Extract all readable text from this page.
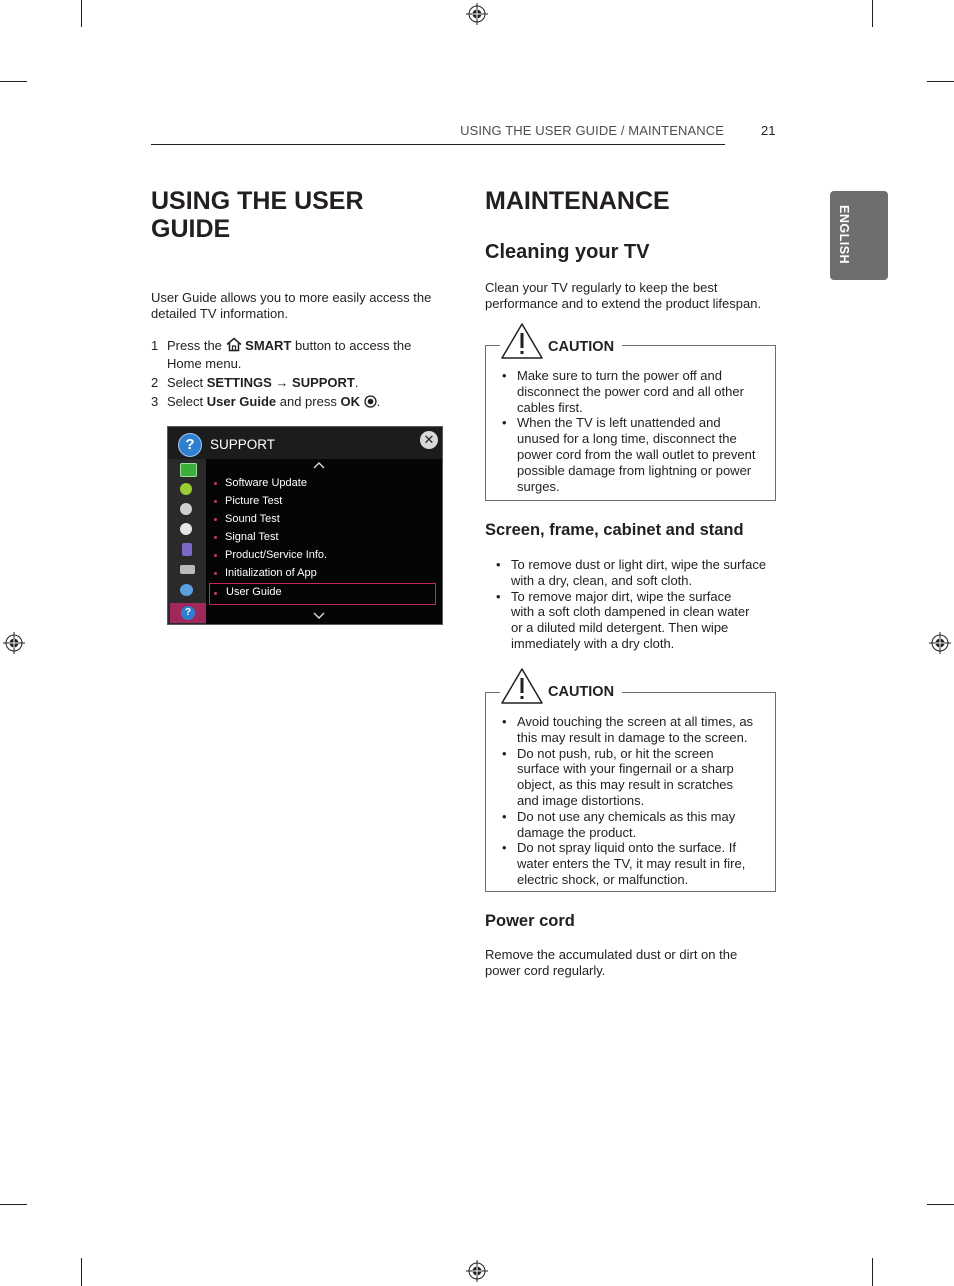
USING THE USER GUIDE / MAINTENANCE	21
ENGLISH
USING THE USER
GUIDE
User Guide allows you to more easily access the
detailed TV information.
1 Press the SMART button to access the
Home menu.
2 Select SETTINGS → SUPPORT.
3 Select User Guide and press OK .
?	SUPPORT	✕
?
Software Update
Picture Test
Sound Test
Signal Test
Product/Service Info.
Initialization of App
User Guide
MAINTENANCE
Cleaning your TV
Clean your TV regularly to keep the best
performance and to extend the product lifespan.
CAUTION
• Make sure to turn the power off and
disconnect the power cord and all other
cables first.
• When the TV is left unattended and
unused for a long time, disconnect the
power cord from the wall outlet to prevent
possible damage from lightning or power
surges.
Screen, frame, cabinet and stand
• To remove dust or light dirt, wipe the surface
with a dry, clean, and soft cloth.
• To remove major dirt, wipe the surface
with a soft cloth dampened in clean water
or a diluted mild detergent. Then wipe
immediately with a dry cloth.
CAUTION
• Avoid touching the screen at all times, as
this may result in damage to the screen.
• Do not push, rub, or hit the screen
surface with your fingernail or a sharp
object, as this may result in scratches
and image distortions.
• Do not use any chemicals as this may
damage the product.
• Do not spray liquid onto the surface. If
water enters the TV, it may result in fire,
electric shock, or malfunction.
Power cord
Remove the accumulated dust or dirt on the
power cord regularly.
